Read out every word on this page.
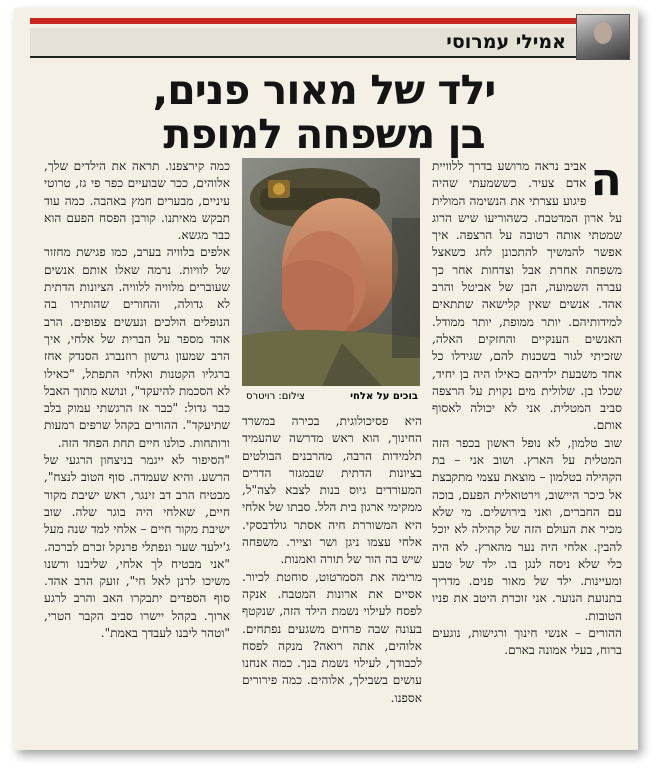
אמילי עמרוסי
ילד של מאור פנים,
בן משפחה למופת
ה

אביב נראה מרושע בדרך ללוויית אדם צעיר. כששמעתי שהיה פיגוע עצרתי את הנשימה המולית על ארון המדטבח. כשהוריעו שיש הרוג שמטתי אותה רטובה על הרצפה. איך אפשר להמשיך להתכונן לחג כשאצל משפחה אחרת אבל וצדחות אחר כך עברה השמועה, הבן של אביטל והרב אהד. אנשים שאין קלישאה שתתאים למידותיהם. יותר ממופת, יותר ממודל. האנשים הענקיים והחזקים האלה, שזכיתי לגור בשכנות להם, שגידלו כל אחד משבעת ילדיהם כאילו היה בן יחיד, שכלו בן. שלולית מים נקוית על הרצפה סביב המטלית. אני לא יכולה לאסוף אותם.

שוב טלמון, לא נופל ראשון בכפר הזה המטלית על הארץ. ושוב אני – בת הקהילה בטלמון – מוצאת עצמי מתקבצת אל כיכר היישוב, וירטואלית הפעם, בוכה עם החברים, ואני בירושלים. מי שלא מכיר את העולם הזה של קהילה לא יוכל להבין. אלחי היה נער מהארץ. לא היה כלי שלא ניסה לנגן בו. ילד של טבע ומעיינות. ילד של מאור פנים. מדריך בתנועת הנוער. אני זוכרת היטב את פניו הטובות.

ההורים – אנשי חינוך ורגישות, נוגעים ברוח, בעלי אמונה בארם.

בוכים על אלחי
צילום: רויטרס

היא פסיכולוגית, בכירה במשרד החינוך, הוא ראש מדרשה שהעמיד תלמידות הרבה, מהרבנים הבולטים בציונות הדתית שבמגזר הדרים המעורדים גיוס בנות לצבא לצה"ל, ממקימי ארגון בית הלל. סבתו של אלחי היא המשוררת חיה אסתר גולדבסקי. אלחי עצמו ניגן ושר וצייר. משפחה שיש בה הור של תורה ואמנות.

מרימה את הסמרטוט, סוחטת לכיור. אסיים את ארונות המטבח. אנקה לפסח לעילוי נשמת הילד הזה, שנקטף בעונה שבה פרחים משגעים נפתחים. אלוהים, אתה רואה? מנקה לפסח לכבודך, לעילוי נשמת בנך. כמה אנחנו עושים בשבילך, אלוהים. כמה פירורים אספנו.

כמה קירצפנו. תראה את הילדים שלך, אלוהים, ככר שבועיים כפר פי גז, טרוטי עיניים, מבערים חמץ באהבה. כמה עוד תבקש מאיתנו. קורבן הפסח הפעם הוא כבר מגשא.

אלפים בלוויה בערב, כמו פגישת מחזור של לוויות. נרמה שאלו אותם אנשים שעוברים מלוויה ללוויה. הציונות הדתית לא גדולה, והחורים שהותירו בה הנופלים הולכים ונעשים צפופים. הרב אהד מספר על הברית של אלחי, איך הרב שמעון גרשון רוזנברג הסנדק אחז ברגליו הקטנות ואלחי התפתל, "כאילו לא הסכמת להיעקד", ונושא מתוך האבל כבר גדול: "כבר אז הרגשתי עמוק בלב שתיעקד". ההורים בקהל שרפים רמעות ורותחות. כולנו חיים תחת הפחד הזה.

"הסיפור לא ייגמר בניצחון הרגעי של הרשע. והיא שעמדה. סוף הטוב לנצח", מבטיח הרב דב זינגר, ראש ישיבת מקור חיים, שאלחי היה בוגר שלה. שוב ישיבת מקור חיים – אלחי למד שנה מעל ג'ילעד שער ונפתלי פרנקל זכרם לברכה. "אני מבטיח לך אלחי, שליבנו ורשנו משיכו לרנן לאל חי", זועק הרב אהד. סוף הספדים יתבקרו האב והרב לרגע ארוך. בקהל יישרו סביב הקבר הטרי, "וטהר ליבנו לעבדך באמת".
